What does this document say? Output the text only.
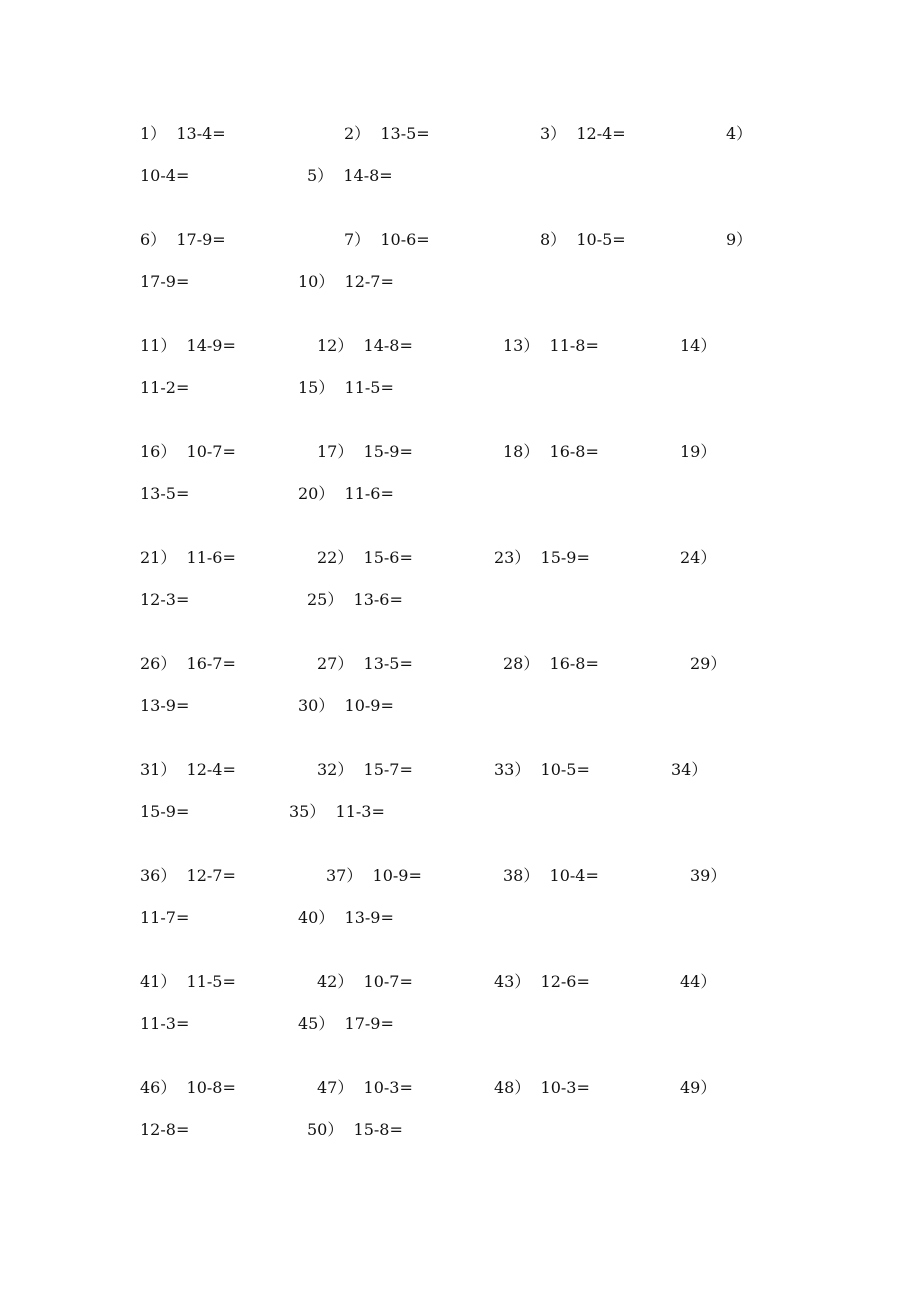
1）  13-4=	2）  13-5=	3）  12-4=	4）
10-4=	5）  14-8=
6）  17-9=	7）  10-6=	8）  10-5=	9）
17-9=	10）  12-7=
11）  14-9=	12）  14-8=	13）  11-8=	14）
11-2=	15）  11-5=
16）  10-7=	17）  15-9=	18）  16-8=	19）
13-5=	20）  11-6=
21）  11-6=	22）  15-6=	23）  15-9=	24）
12-3=	25）  13-6=
26）  16-7=	27）  13-5=	28）  16-8=	29）
13-9=	30）  10-9=
31）  12-4=	32）  15-7=	33）  10-5=	34）
15-9=	35）  11-3=
36）  12-7=	37）  10-9=	38）  10-4=	39）
11-7=	40）  13-9=
41）  11-5=	42）  10-7=	43）  12-6=	44）
11-3=	45）  17-9=
46）  10-8=	47）  10-3=	48）  10-3=	49）
12-8=	50）  15-8=
